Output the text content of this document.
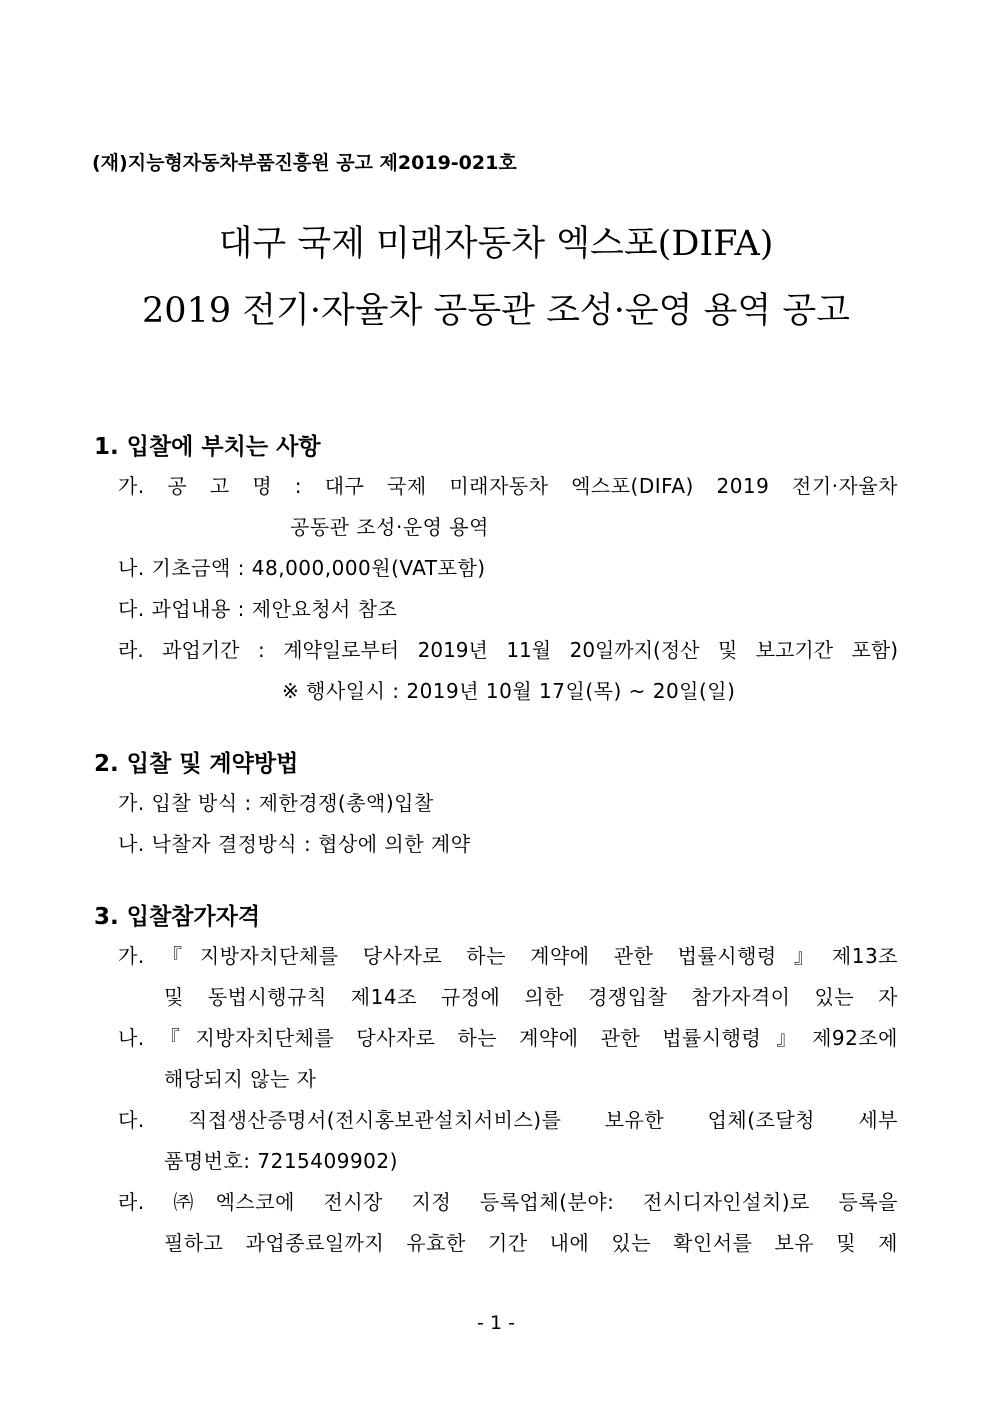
(재)지능형자동차부품진흥원 공고 제2019-021호
대구 국제 미래자동차 엑스포(DIFA)
2019 전기·자율차 공동관 조성·운영 용역 공고
1. 입찰에 부치는 사항
가. 공 고 명 : 대구 국제 미래자동차 엑스포(DIFA) 2019 전기·자율차
공동관 조성·운영 용역
나. 기초금액 : 48,000,000원(VAT포함)
다. 과업내용 : 제안요청서 참조
라. 과업기간 : 계약일로부터 2019년 11월 20일까지(정산 및 보고기간 포함)
※ 행사일시 : 2019년 10월 17일(목) ~ 20일(일)
2. 입찰 및 계약방법
가. 입찰 방식 : 제한경쟁(총액)입찰
나. 낙찰자 결정방식 : 협상에 의한 계약
3. 입찰참가자격
가.『지방자치단체를 당사자로 하는 계약에 관한 법률시행령』제13조
및 동법시행규칙 제14조 규정에 의한 경쟁입찰 참가자격이 있는 자
나.『지방자치단체를 당사자로 하는 계약에 관한 법률시행령』제92조에
해당되지 않는 자
다. 직접생산증명서(전시홍보관설치서비스)를 보유한 업체(조달청 세부
품명번호: 7215409902)
라. ㈜엑스코에 전시장 지정 등록업체(분야: 전시디자인설치)로 등록을
필하고 과업종료일까지 유효한 기간 내에 있는 확인서를 보유 및 제
- 1 -
